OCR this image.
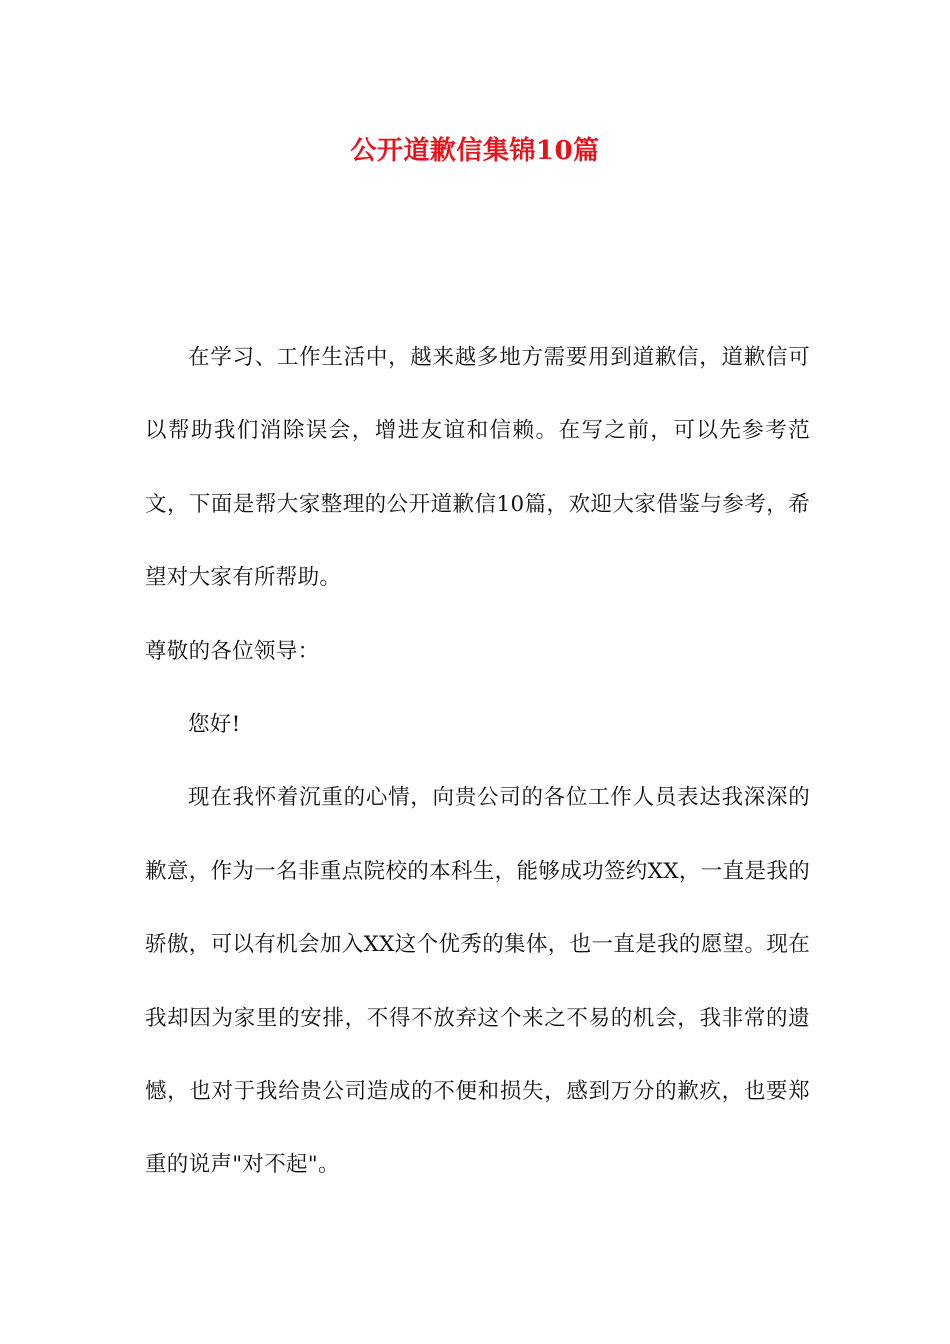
公开道歉信集锦10篇

在学习、工作生活中，越来越多地方需要用到道歉信，道歉信可以帮助我们消除误会，增进友谊和信赖。在写之前，可以先参考范文，下面是帮大家整理的公开道歉信10篇，欢迎大家借鉴与参考，希望对大家有所帮助。

尊敬的各位领导：

您好!

现在我怀着沉重的心情，向贵公司的各位工作人员表达我深深的歉意，作为一名非重点院校的本科生，能够成功签约XX，一直是我的骄傲，可以有机会加入XX这个优秀的集体，也一直是我的愿望。现在我却因为家里的安排，不得不放弃这个来之不易的机会，我非常的遗憾，也对于我给贵公司造成的不便和损失，感到万分的歉疚，也要郑重的说声"对不起"。
